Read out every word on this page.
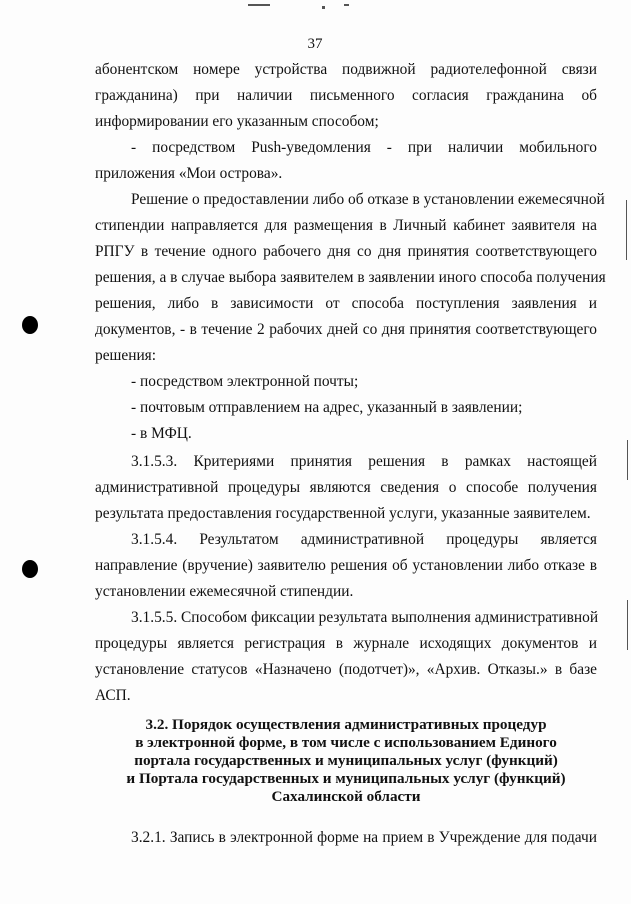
37
абонентском номере устройства подвижной радиотелефонной связи
гражданина) при наличии письменного согласия гражданина об
информировании его указанным способом;
- посредством Push-уведомления - при наличии мобильного
приложения «Мои острова».
Решение о предоставлении либо об отказе в установлении ежемесячной
стипендии направляется для размещения в Личный кабинет заявителя на
РПГУ в течение одного рабочего дня со дня принятия соответствующего
решения, а в случае выбора заявителем в заявлении иного способа получения
решения, либо в зависимости от способа поступления заявления и
документов, - в течение 2 рабочих дней со дня принятия соответствующего
решения:
- посредством электронной почты;
- почтовым отправлением на адрес, указанный в заявлении;
- в МФЦ.
3.1.5.3. Критериями принятия решения в рамках настоящей
административной процедуры являются сведения о способе получения
результата предоставления государственной услуги, указанные заявителем.
3.1.5.4. Результатом административной процедуры является
направление (вручение) заявителю решения об установлении либо отказе в
установлении ежемесячной стипендии.
3.1.5.5. Способом фиксации результата выполнения административной
процедуры является регистрация в журнале исходящих документов и
установление статусов «Назначено (подотчет)», «Архив. Отказы.» в базе
АСП.
3.2. Порядок осуществления административных процедур
в электронной форме, в том числе с использованием Единого
портала государственных и муниципальных услуг (функций)
и Портала государственных и муниципальных услуг (функций)
Сахалинской области
3.2.1. Запись в электронной форме на прием в Учреждение для подачи
